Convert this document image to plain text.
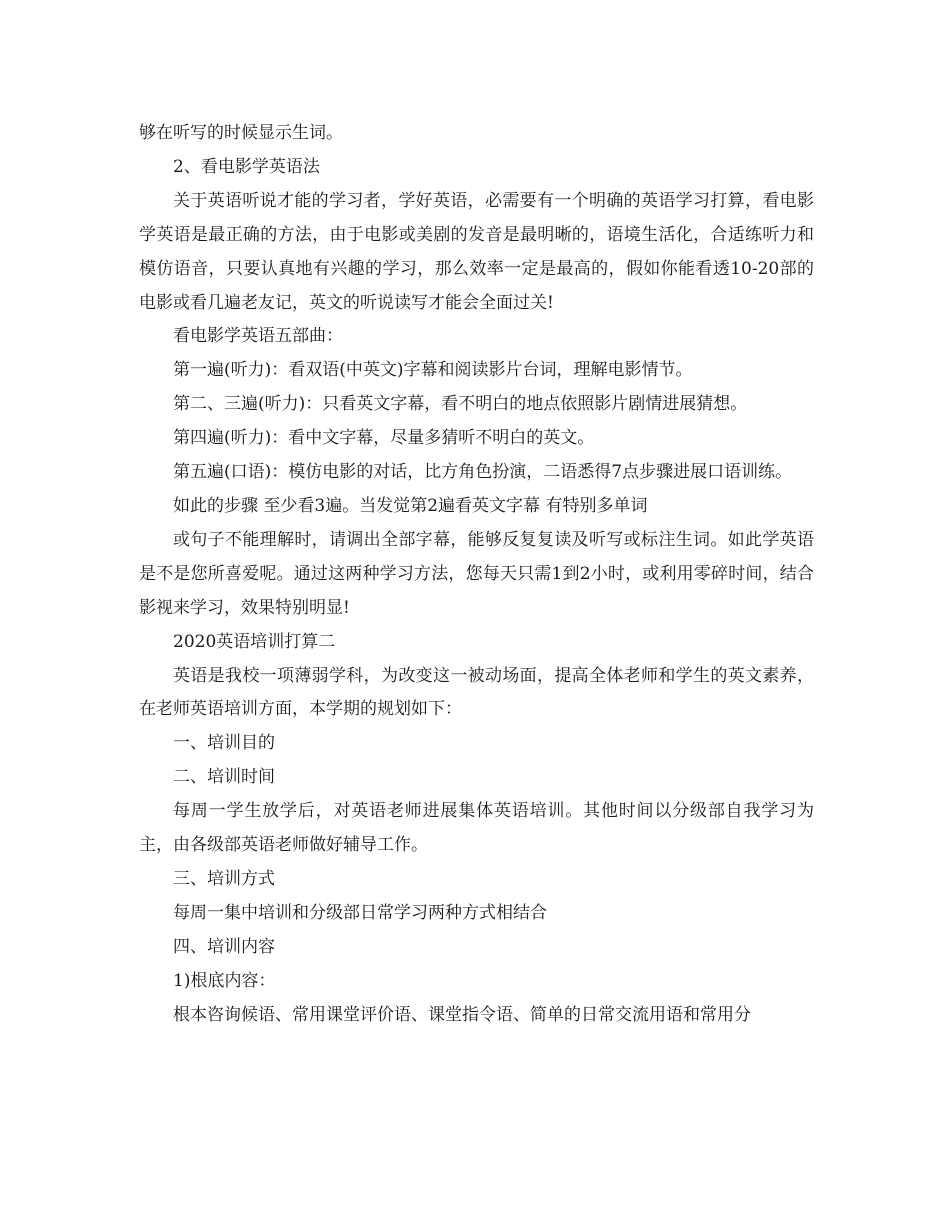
够在听写的时候显示生词。

2、看电影学英语法

关于英语听说才能的学习者，学好英语，必需要有一个明确的英语学习打算，看电影学英语是最正确的方法，由于电影或美剧的发音是最明晰的，语境生活化，合适练听力和模仿语音，只要认真地有兴趣的学习，那么效率一定是最高的，假如你能看透10-20部的电影或看几遍老友记，英文的听说读写才能会全面过关!

看电影学英语五部曲：

第一遍(听力)：看双语(中英文)字幕和阅读影片台词，理解电影情节。

第二、三遍(听力)：只看英文字幕，看不明白的地点依照影片剧情进展猜想。

第四遍(听力)：看中文字幕，尽量多猜听不明白的英文。

第五遍(口语)：模仿电影的对话，比方角色扮演，二语悉得7点步骤进展口语训练。

如此的步骤 至少看3遍。当发觉第2遍看英文字幕 有特别多单词

或句子不能理解时，请调出全部字幕，能够反复复读及听写或标注生词。如此学英语是不是您所喜爱呢。通过这两种学习方法，您每天只需1到2小时，或利用零碎时间，结合影视来学习，效果特别明显!

2020英语培训打算二

英语是我校一项薄弱学科，为改变这一被动场面，提高全体老师和学生的英文素养，在老师英语培训方面，本学期的规划如下：

一、培训目的

二、培训时间

每周一学生放学后，对英语老师进展集体英语培训。其他时间以分级部自我学习为主，由各级部英语老师做好辅导工作。

三、培训方式

每周一集中培训和分级部日常学习两种方式相结合

四、培训内容

1)根底内容：

根本咨询候语、常用课堂评价语、课堂指令语、简单的日常交流用语和常用分
